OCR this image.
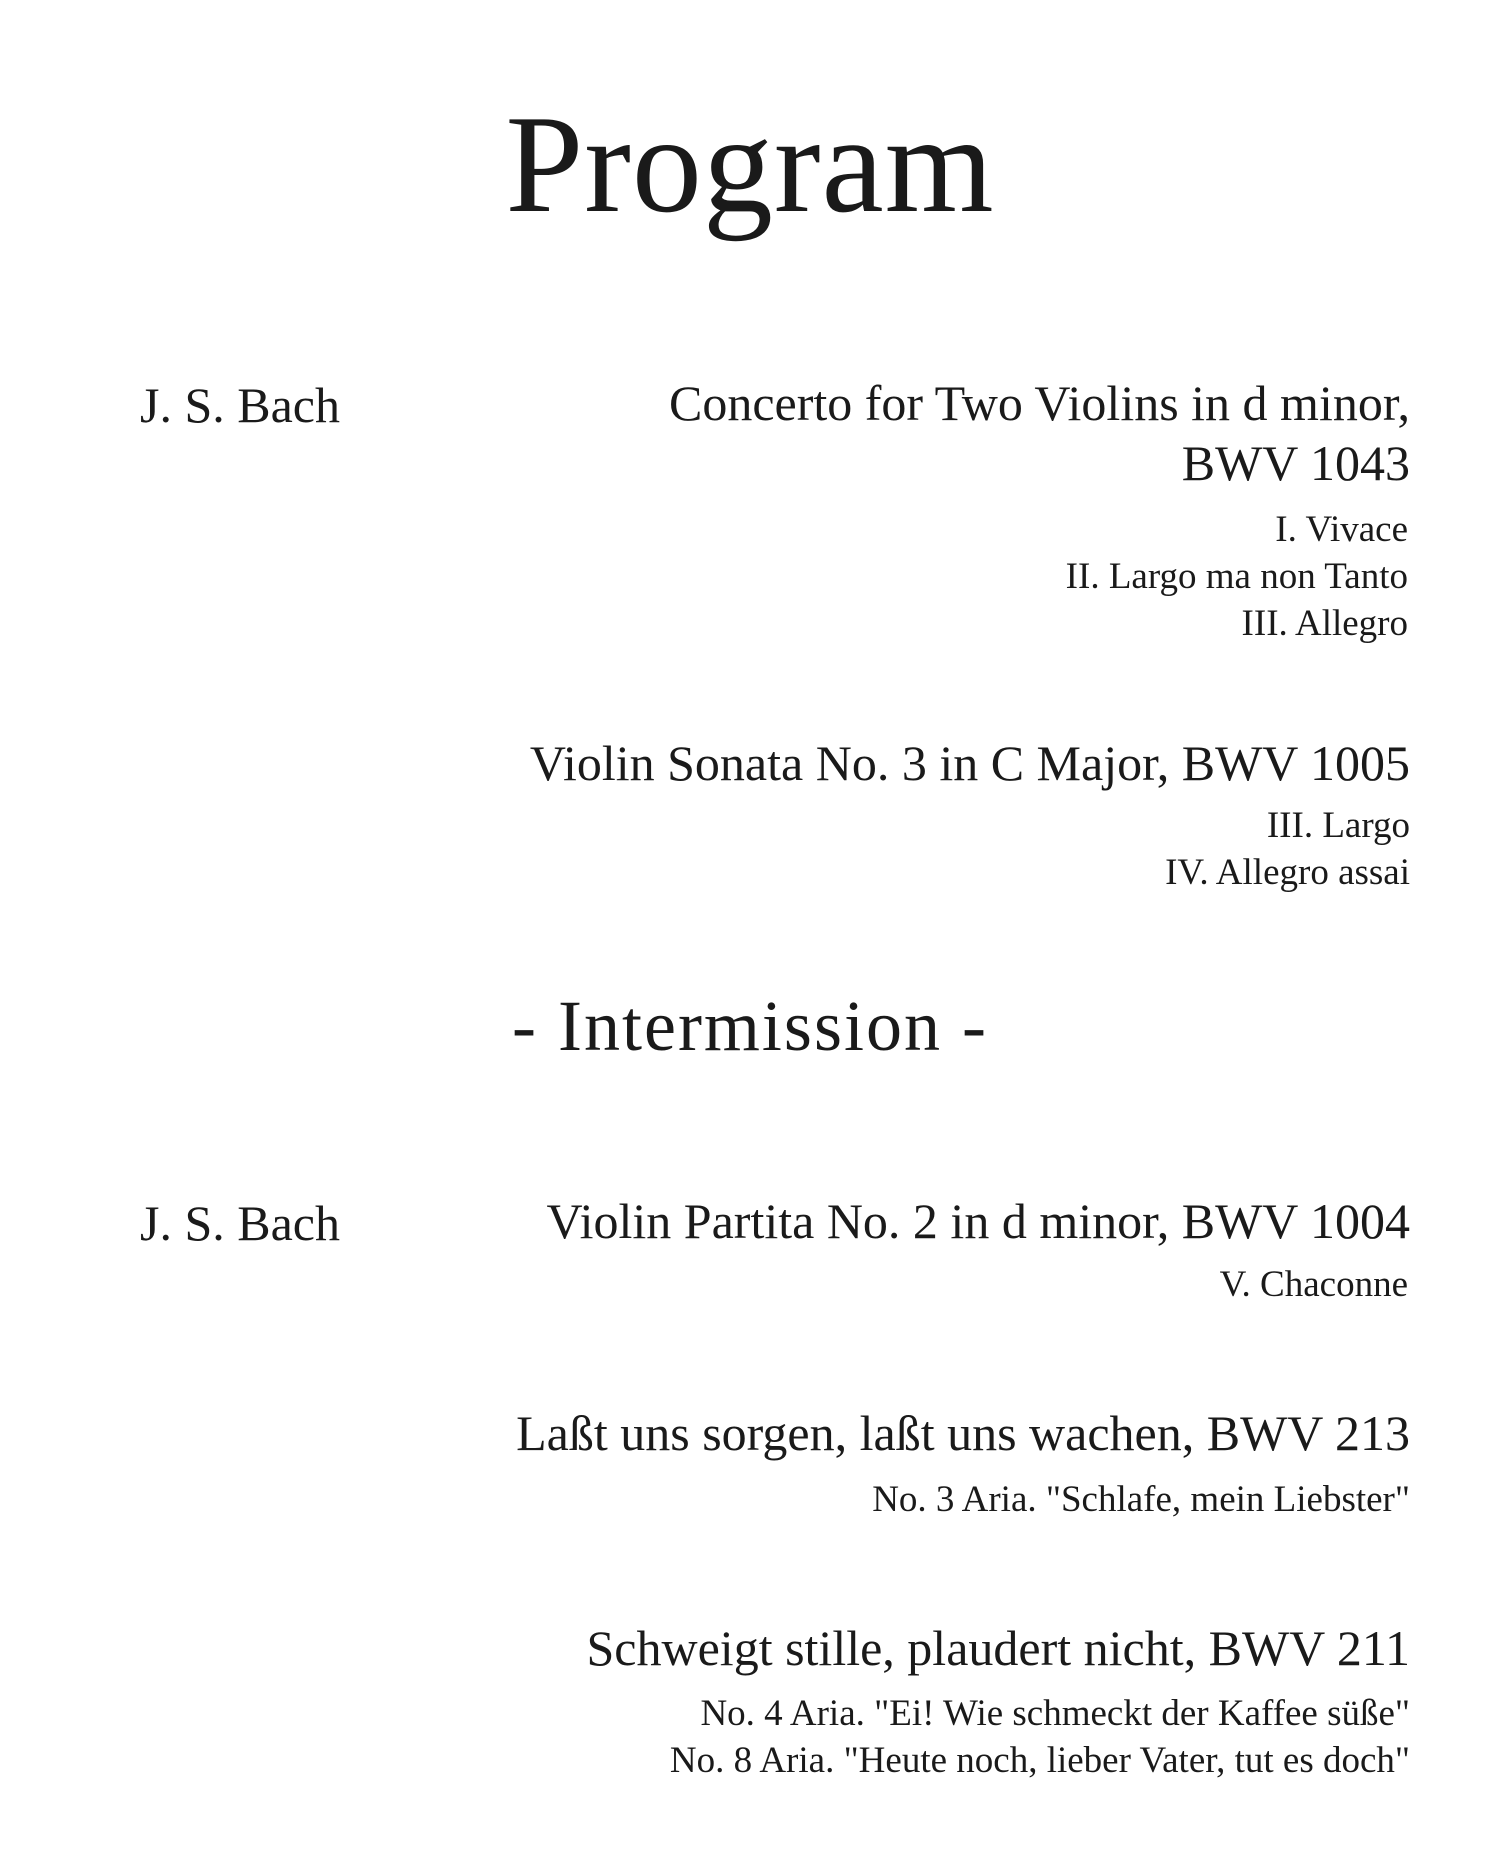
Program
J. S. Bach	Concerto for Two Violins in d minor,
BWV 1043
I. Vivace
II. Largo ma non Tanto
III. Allegro
Violin Sonata No. 3 in C Major, BWV 1005
III. Largo
IV. Allegro assai
- Intermission -
J. S. Bach	Violin Partita No. 2 in d minor, BWV 1004
V. Chaconne
Laßt uns sorgen, laßt uns wachen, BWV 213
No. 3 Aria. "Schlafe, mein Liebster"
Schweigt stille, plaudert nicht, BWV 211
No. 4 Aria. "Ei! Wie schmeckt der Kaffee süße"
No. 8 Aria. "Heute noch, lieber Vater, tut es doch"
